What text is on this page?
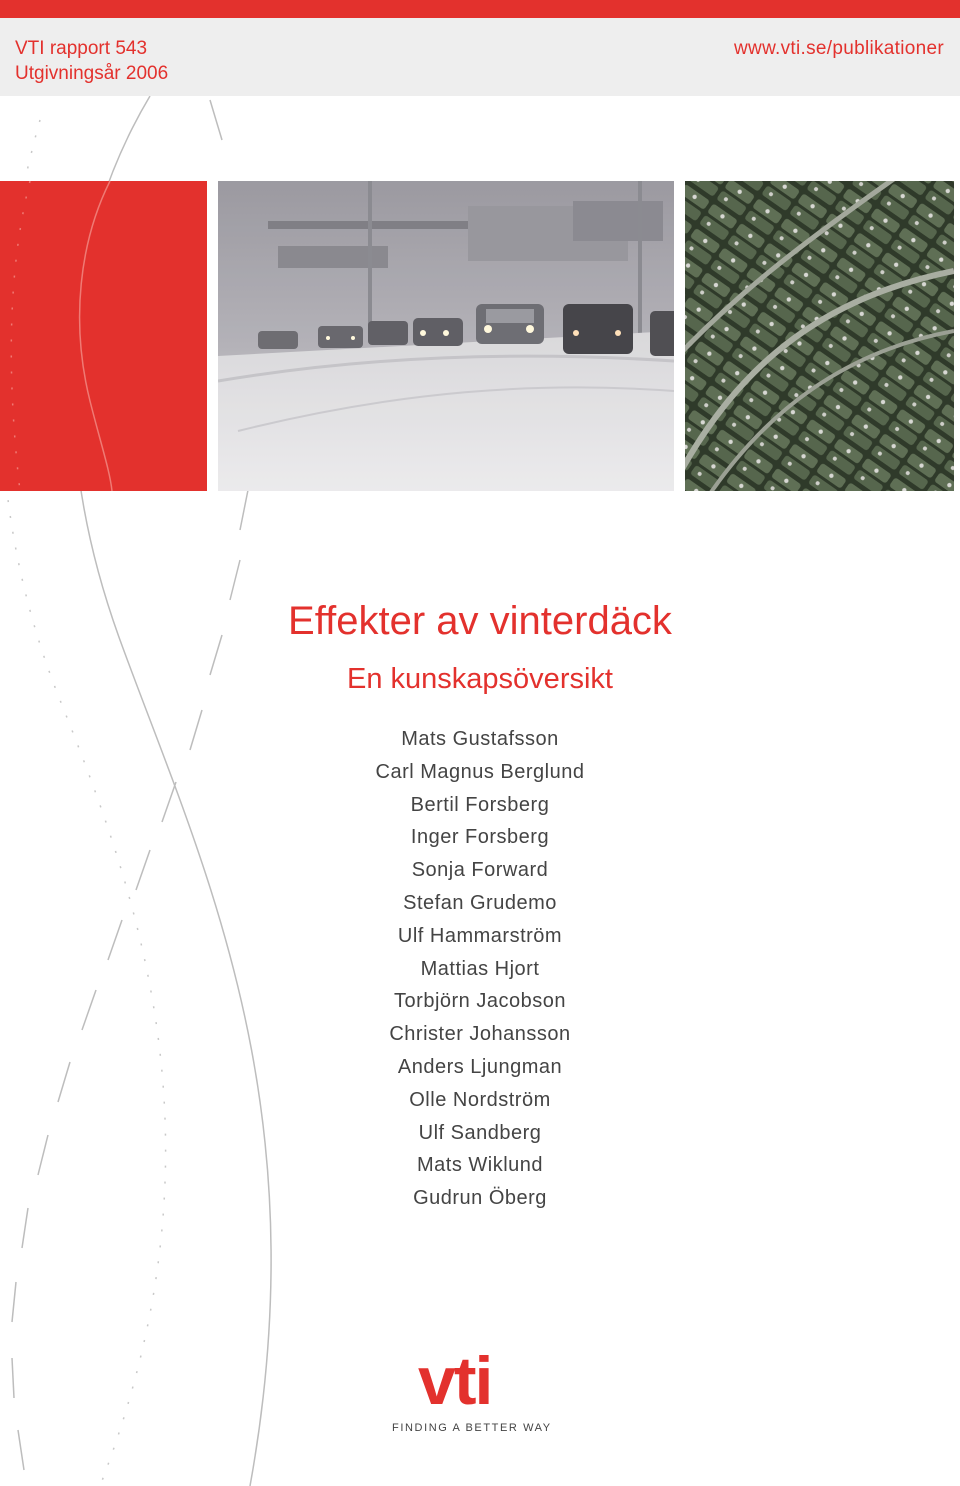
VTI rapport 543
Utgivningsår 2006
www.vti.se/publikationer
Effekter av vinterdäck
En kunskapsöversikt
Mats Gustafsson
Carl Magnus Berglund
Bertil Forsberg
Inger Forsberg
Sonja Forward
Stefan Grudemo
Ulf Hammarström
Mattias Hjort
Torbjörn Jacobson
Christer Johansson
Anders Ljungman
Olle Nordström
Ulf Sandberg
Mats Wiklund
Gudrun Öberg
vti
FINDING A BETTER WAY
